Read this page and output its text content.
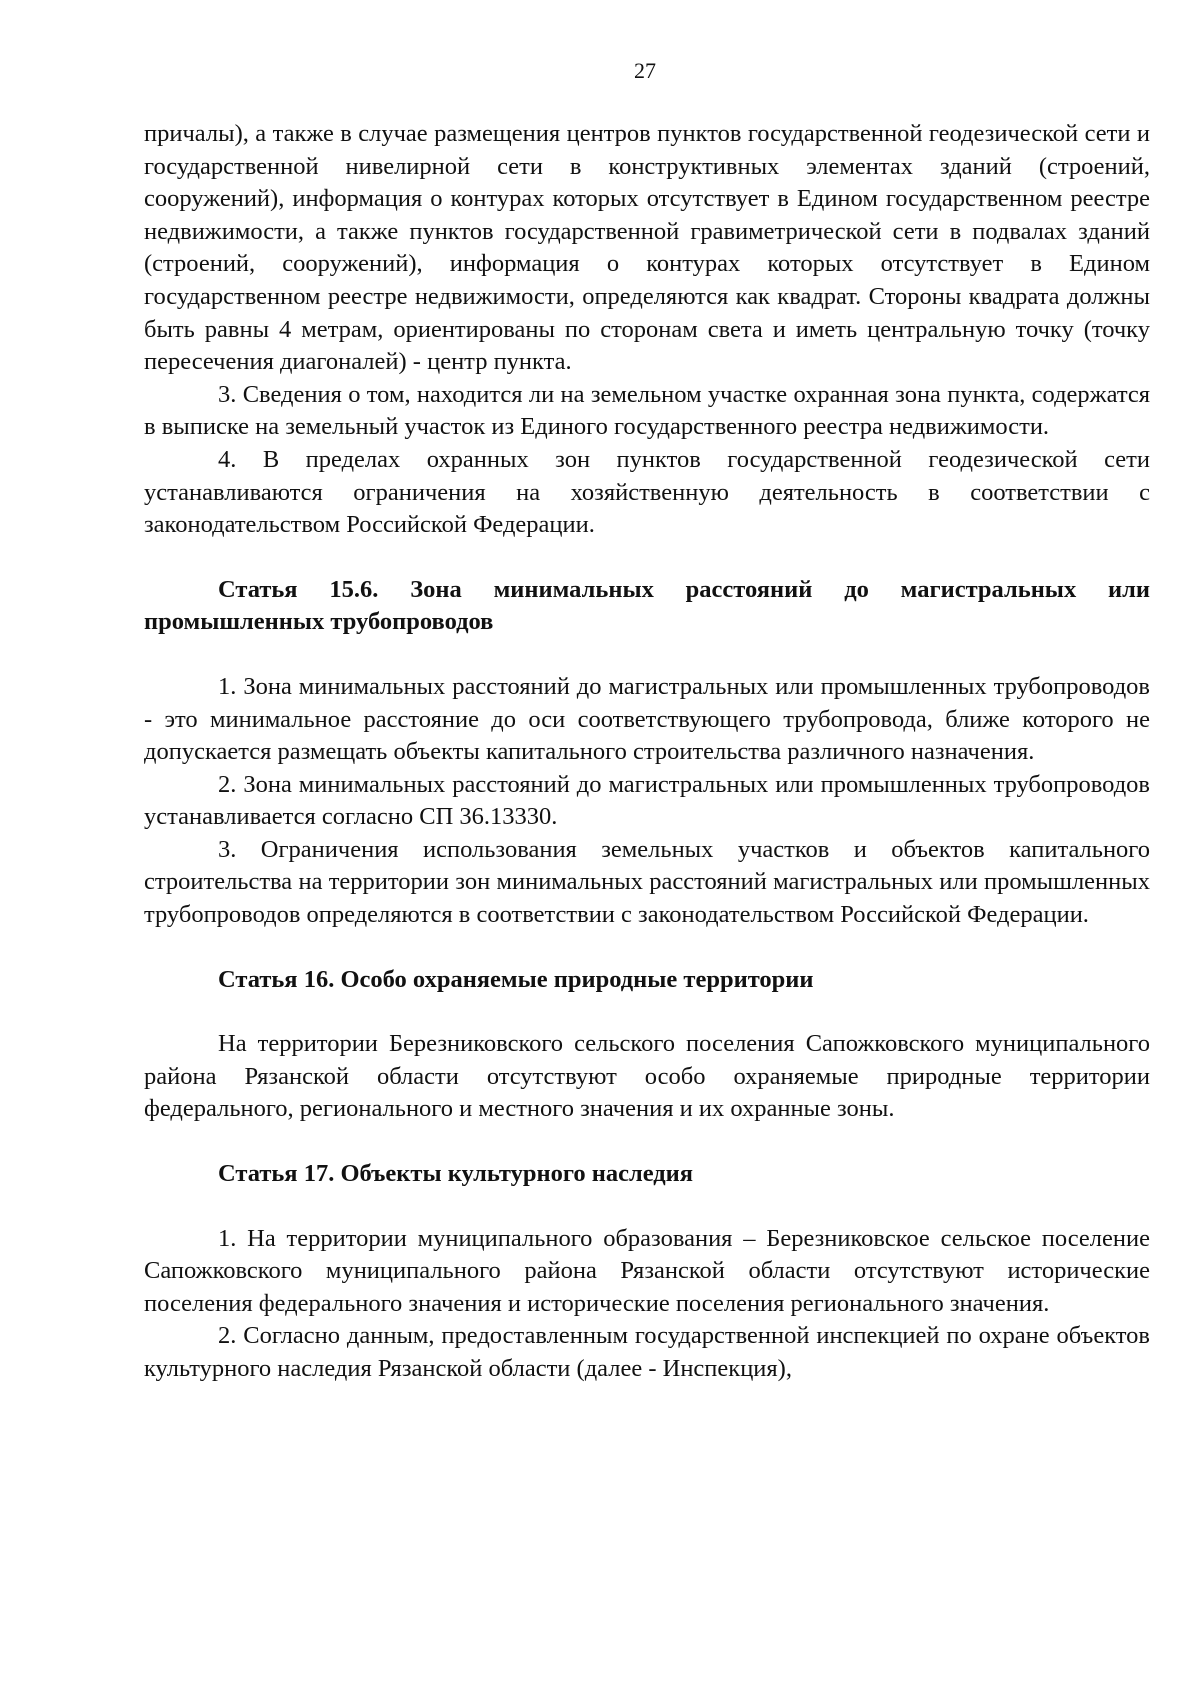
27

причалы), а также в случае размещения центров пунктов государственной геодезической сети и государственной нивелирной сети в конструктивных элементах зданий (строений, сооружений), информация о контурах которых отсутствует в Едином государственном реестре недвижимости, а также пунктов государственной гравиметрической сети в подвалах зданий (строений, сооружений), информация о контурах которых отсутствует в Едином государственном реестре недвижимости, определяются как квадрат. Стороны квадрата должны быть равны 4 метрам, ориентированы по сторонам света и иметь центральную точку (точку пересечения диагоналей) - центр пункта.

3. Сведения о том, находится ли на земельном участке охранная зона пункта, содержатся в выписке на земельный участок из Единого государственного реестра недвижимости.

4. В пределах охранных зон пунктов государственной геодезической сети устанавливаются ограничения на хозяйственную деятельность в соответствии с законодательством Российской Федерации.

Статья 15.6. Зона минимальных расстояний до магистральных или промышленных трубопроводов

1. Зона минимальных расстояний до магистральных или промышленных трубопроводов - это минимальное расстояние до оси соответствующего трубопровода, ближе которого не допускается размещать объекты капитального строительства различного назначения.

2. Зона минимальных расстояний до магистральных или промышленных трубопроводов устанавливается согласно СП 36.13330.

3. Ограничения использования земельных участков и объектов капитального строительства на территории зон минимальных расстояний магистральных или промышленных трубопроводов определяются в соответствии с законодательством Российской Федерации.

Статья 16. Особо охраняемые природные территории

На территории Березниковского сельского поселения Сапожковского муниципального района Рязанской области отсутствуют особо охраняемые природные территории федерального, регионального и местного значения и их охранные зоны.

Статья 17. Объекты культурного наследия

1. На территории муниципального образования – Березниковское сельское поселение Сапожковского муниципального района Рязанской области отсутствуют исторические поселения федерального значения и исторические поселения регионального значения.

2. Согласно данным, предоставленным государственной инспекцией по охране объектов культурного наследия Рязанской области (далее - Инспекция),
